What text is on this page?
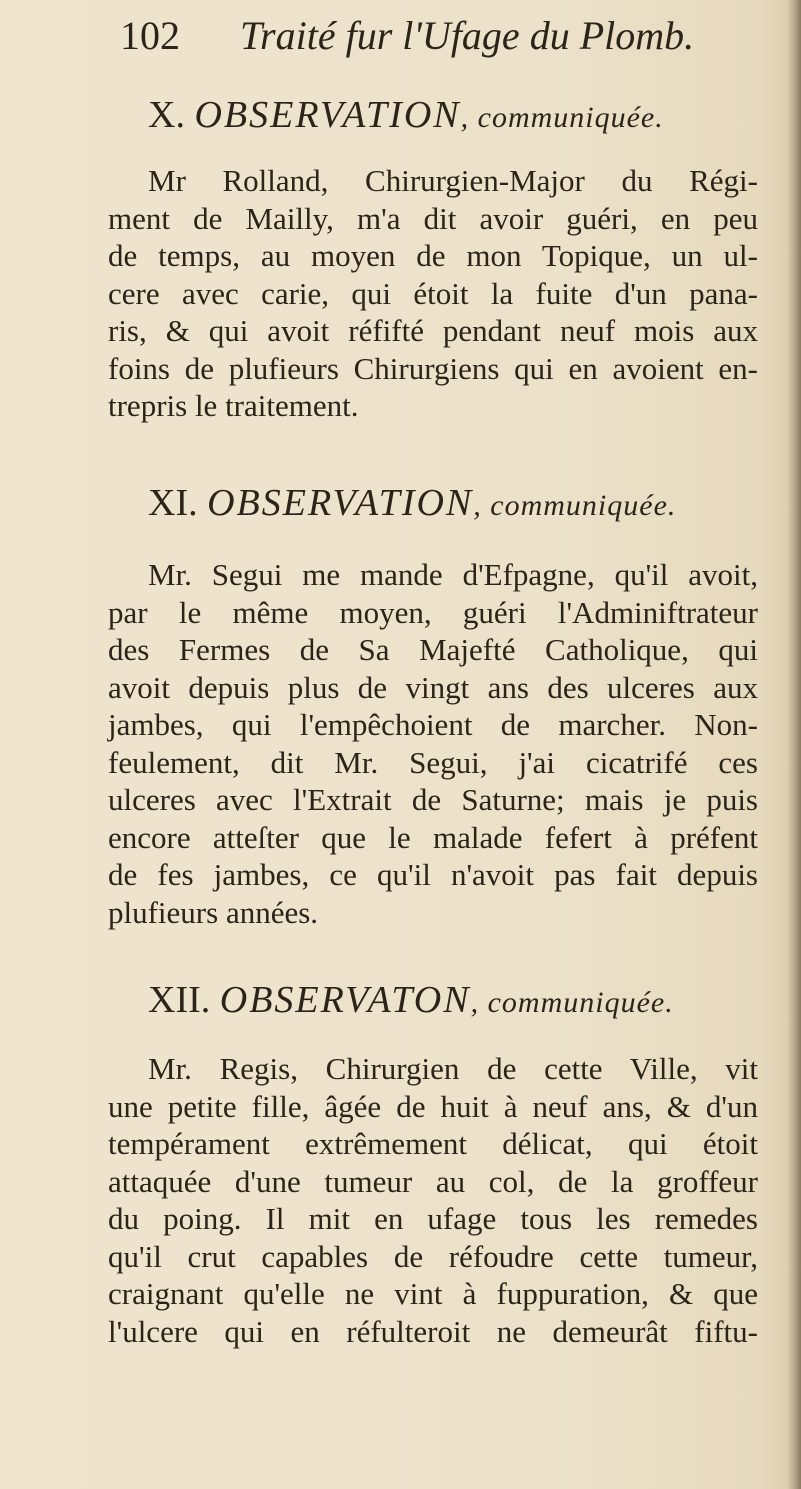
102 Traité fur l'Ufage du Plomb.
X. OBSERVATION, communiquée.
Mr Rolland, Chirurgien-Major du Régi-
ment de Mailly, m'a dit avoir guéri, en peu
de temps, au moyen de mon Topique, un ul-
cere avec carie, qui étoit la fuite d'un pana-
ris, & qui avoit réfifté pendant neuf mois aux
foins de plufieurs Chirurgiens qui en avoient en-
trepris le traitement.
XI. OBSERVATION, communiquée.
Mr. Segui me mande d'Efpagne, qu'il avoit,
par le même moyen, guéri l'Adminiftrateur
des Fermes de Sa Majefté Catholique, qui
avoit depuis plus de vingt ans des ulceres aux
jambes, qui l'empêchoient de marcher. Non-
feulement, dit Mr. Segui, j'ai cicatrifé ces
ulceres avec l'Extrait de Saturne; mais je puis
encore atteſter que le malade fefert à préfent
de fes jambes, ce qu'il n'avoit pas fait depuis
plufieurs années.
XII. OBSERVATON, communiquée.
Mr. Regis, Chirurgien de cette Ville, vit
une petite fille, âgée de huit à neuf ans, & d'un
tempérament extrêmement délicat, qui étoit
attaquée d'une tumeur au col, de la groffeur
du poing. Il mit en ufage tous les remedes
qu'il crut capables de réfoudre cette tumeur,
craignant qu'elle ne vint à fuppuration, & que
l'ulcere qui en réfulteroit ne demeurât fiftu-
